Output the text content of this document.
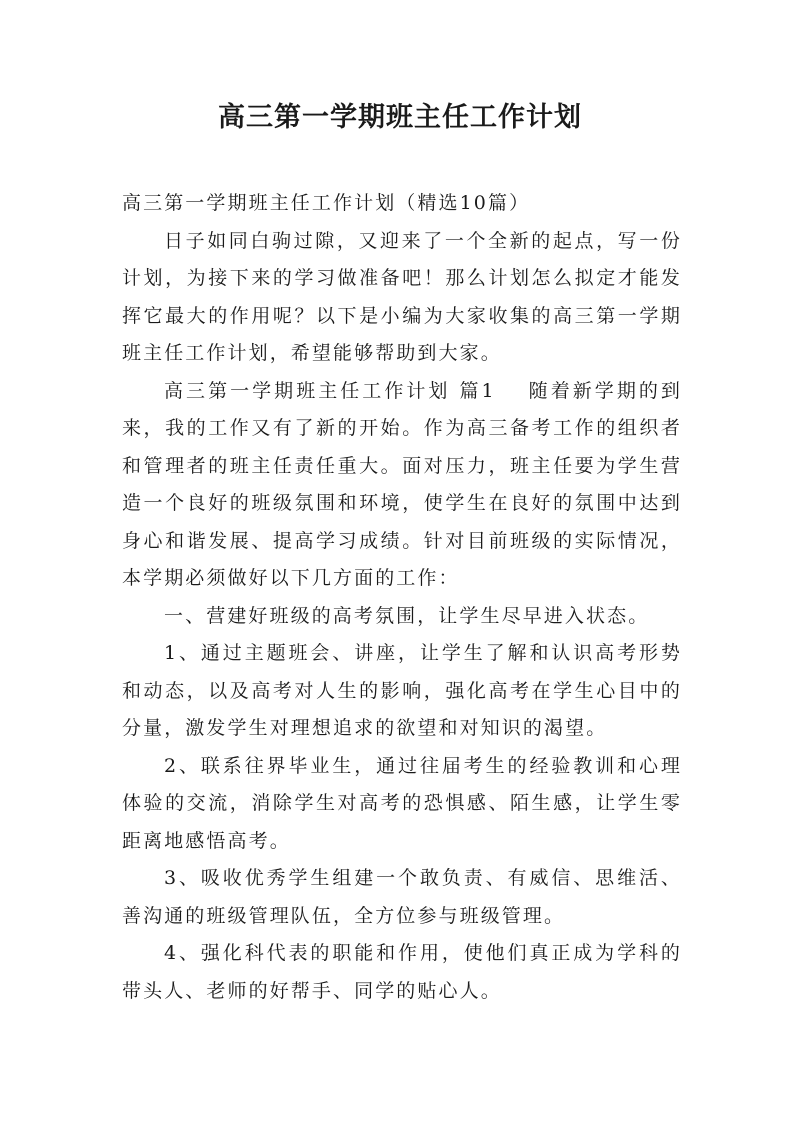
高三第一学期班主任工作计划

高三第一学期班主任工作计划（精选10篇）

日子如同白驹过隙，又迎来了一个全新的起点，写一份计划，为接下来的学习做准备吧！那么计划怎么拟定才能发挥它最大的作用呢？以下是小编为大家收集的高三第一学期班主任工作计划，希望能够帮助到大家。

高三第一学期班主任工作计划 篇1 随着新学期的到来，我的工作又有了新的开始。作为高三备考工作的组织者和管理者的班主任责任重大。面对压力，班主任要为学生营造一个良好的班级氛围和环境，使学生在良好的氛围中达到身心和谐发展、提高学习成绩。针对目前班级的实际情况，本学期必须做好以下几方面的工作：

一、营建好班级的高考氛围，让学生尽早进入状态。

1、通过主题班会、讲座，让学生了解和认识高考形势和动态，以及高考对人生的影响，强化高考在学生心目中的分量，激发学生对理想追求的欲望和对知识的渴望。

2、联系往界毕业生，通过往届考生的经验教训和心理体验的交流，消除学生对高考的恐惧感、陌生感，让学生零距离地感悟高考。

3、吸收优秀学生组建一个敢负责、有威信、思维活、善沟通的班级管理队伍，全方位参与班级管理。

4、强化科代表的职能和作用，使他们真正成为学科的带头人、老师的好帮手、同学的贴心人。
